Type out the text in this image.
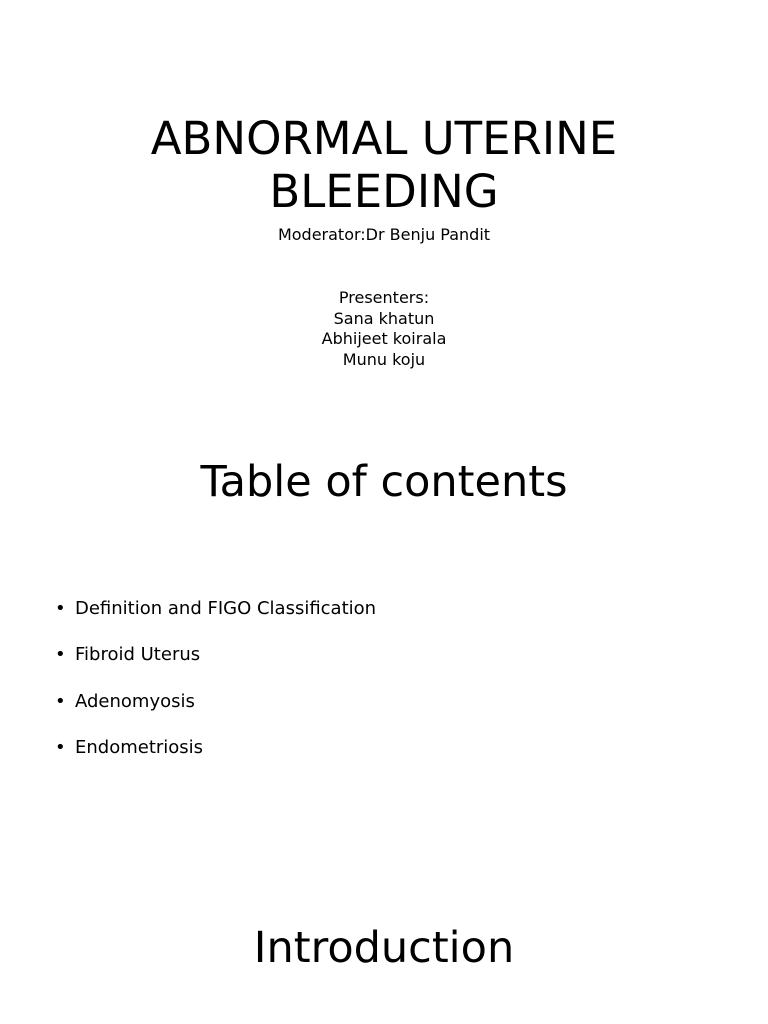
ABNORMAL UTERINE
BLEEDING
Moderator:Dr Benju Pandit
Presenters:
Sana khatun
Abhijeet koirala
Munu koju
Table of contents
• Definition and FIGO Classification
• Fibroid Uterus
• Adenomyosis
• Endometriosis
Introduction
